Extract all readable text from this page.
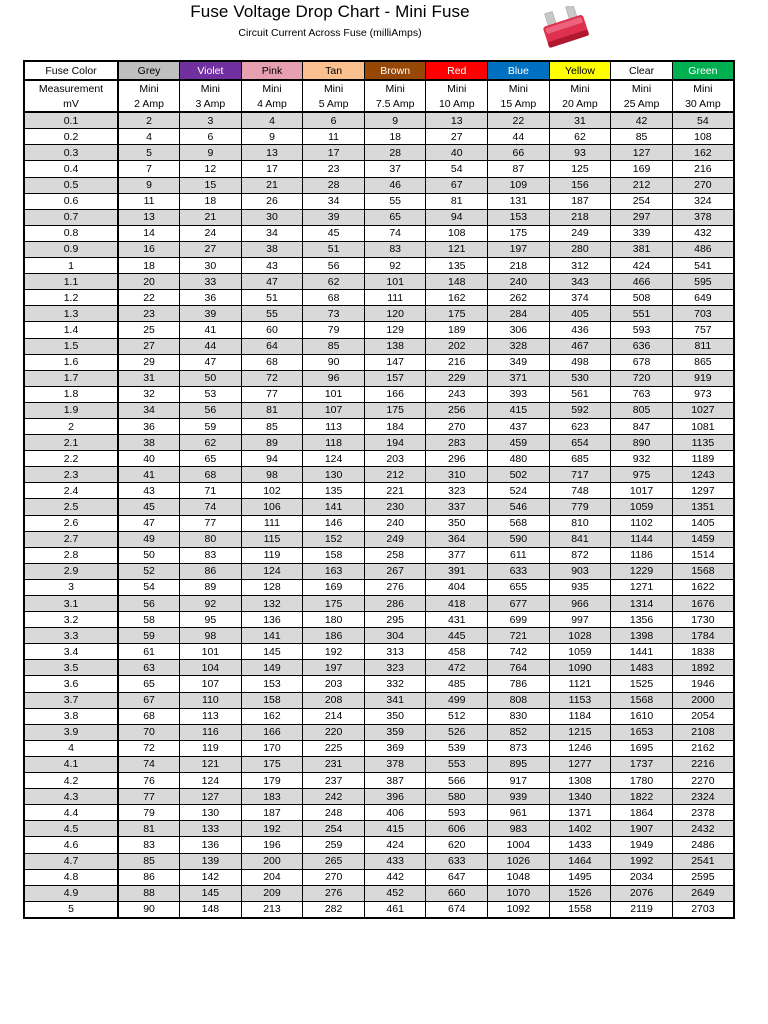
Fuse Voltage Drop Chart - Mini Fuse
Circuit Current Across Fuse (milliAmps)
Fuse Color	Grey	Violet	Pink	Tan	Brown	Red	Blue	Yellow	Clear	Green
Measurement	Mini	Mini	Mini	Mini	Mini	Mini	Mini	Mini	Mini	Mini
mV	2 Amp	3 Amp	4 Amp	5 Amp	7.5 Amp	10 Amp	15 Amp	20 Amp	25 Amp	30 Amp
0.1	2	3	4	6	9	13	22	31	42	54
0.2	4	6	9	11	18	27	44	62	85	108
0.3	5	9	13	17	28	40	66	93	127	162
0.4	7	12	17	23	37	54	87	125	169	216
0.5	9	15	21	28	46	67	109	156	212	270
0.6	11	18	26	34	55	81	131	187	254	324
0.7	13	21	30	39	65	94	153	218	297	378
0.8	14	24	34	45	74	108	175	249	339	432
0.9	16	27	38	51	83	121	197	280	381	486
1	18	30	43	56	92	135	218	312	424	541
1.1	20	33	47	62	101	148	240	343	466	595
1.2	22	36	51	68	111	162	262	374	508	649
1.3	23	39	55	73	120	175	284	405	551	703
1.4	25	41	60	79	129	189	306	436	593	757
1.5	27	44	64	85	138	202	328	467	636	811
1.6	29	47	68	90	147	216	349	498	678	865
1.7	31	50	72	96	157	229	371	530	720	919
1.8	32	53	77	101	166	243	393	561	763	973
1.9	34	56	81	107	175	256	415	592	805	1027
2	36	59	85	113	184	270	437	623	847	1081
2.1	38	62	89	118	194	283	459	654	890	1135
2.2	40	65	94	124	203	296	480	685	932	1189
2.3	41	68	98	130	212	310	502	717	975	1243
2.4	43	71	102	135	221	323	524	748	1017	1297
2.5	45	74	106	141	230	337	546	779	1059	1351
2.6	47	77	111	146	240	350	568	810	1102	1405
2.7	49	80	115	152	249	364	590	841	1144	1459
2.8	50	83	119	158	258	377	611	872	1186	1514
2.9	52	86	124	163	267	391	633	903	1229	1568
3	54	89	128	169	276	404	655	935	1271	1622
3.1	56	92	132	175	286	418	677	966	1314	1676
3.2	58	95	136	180	295	431	699	997	1356	1730
3.3	59	98	141	186	304	445	721	1028	1398	1784
3.4	61	101	145	192	313	458	742	1059	1441	1838
3.5	63	104	149	197	323	472	764	1090	1483	1892
3.6	65	107	153	203	332	485	786	1121	1525	1946
3.7	67	110	158	208	341	499	808	1153	1568	2000
3.8	68	113	162	214	350	512	830	1184	1610	2054
3.9	70	116	166	220	359	526	852	1215	1653	2108
4	72	119	170	225	369	539	873	1246	1695	2162
4.1	74	121	175	231	378	553	895	1277	1737	2216
4.2	76	124	179	237	387	566	917	1308	1780	2270
4.3	77	127	183	242	396	580	939	1340	1822	2324
4.4	79	130	187	248	406	593	961	1371	1864	2378
4.5	81	133	192	254	415	606	983	1402	1907	2432
4.6	83	136	196	259	424	620	1004	1433	1949	2486
4.7	85	139	200	265	433	633	1026	1464	1992	2541
4.8	86	142	204	270	442	647	1048	1495	2034	2595
4.9	88	145	209	276	452	660	1070	1526	2076	2649
5	90	148	213	282	461	674	1092	1558	2119	2703
